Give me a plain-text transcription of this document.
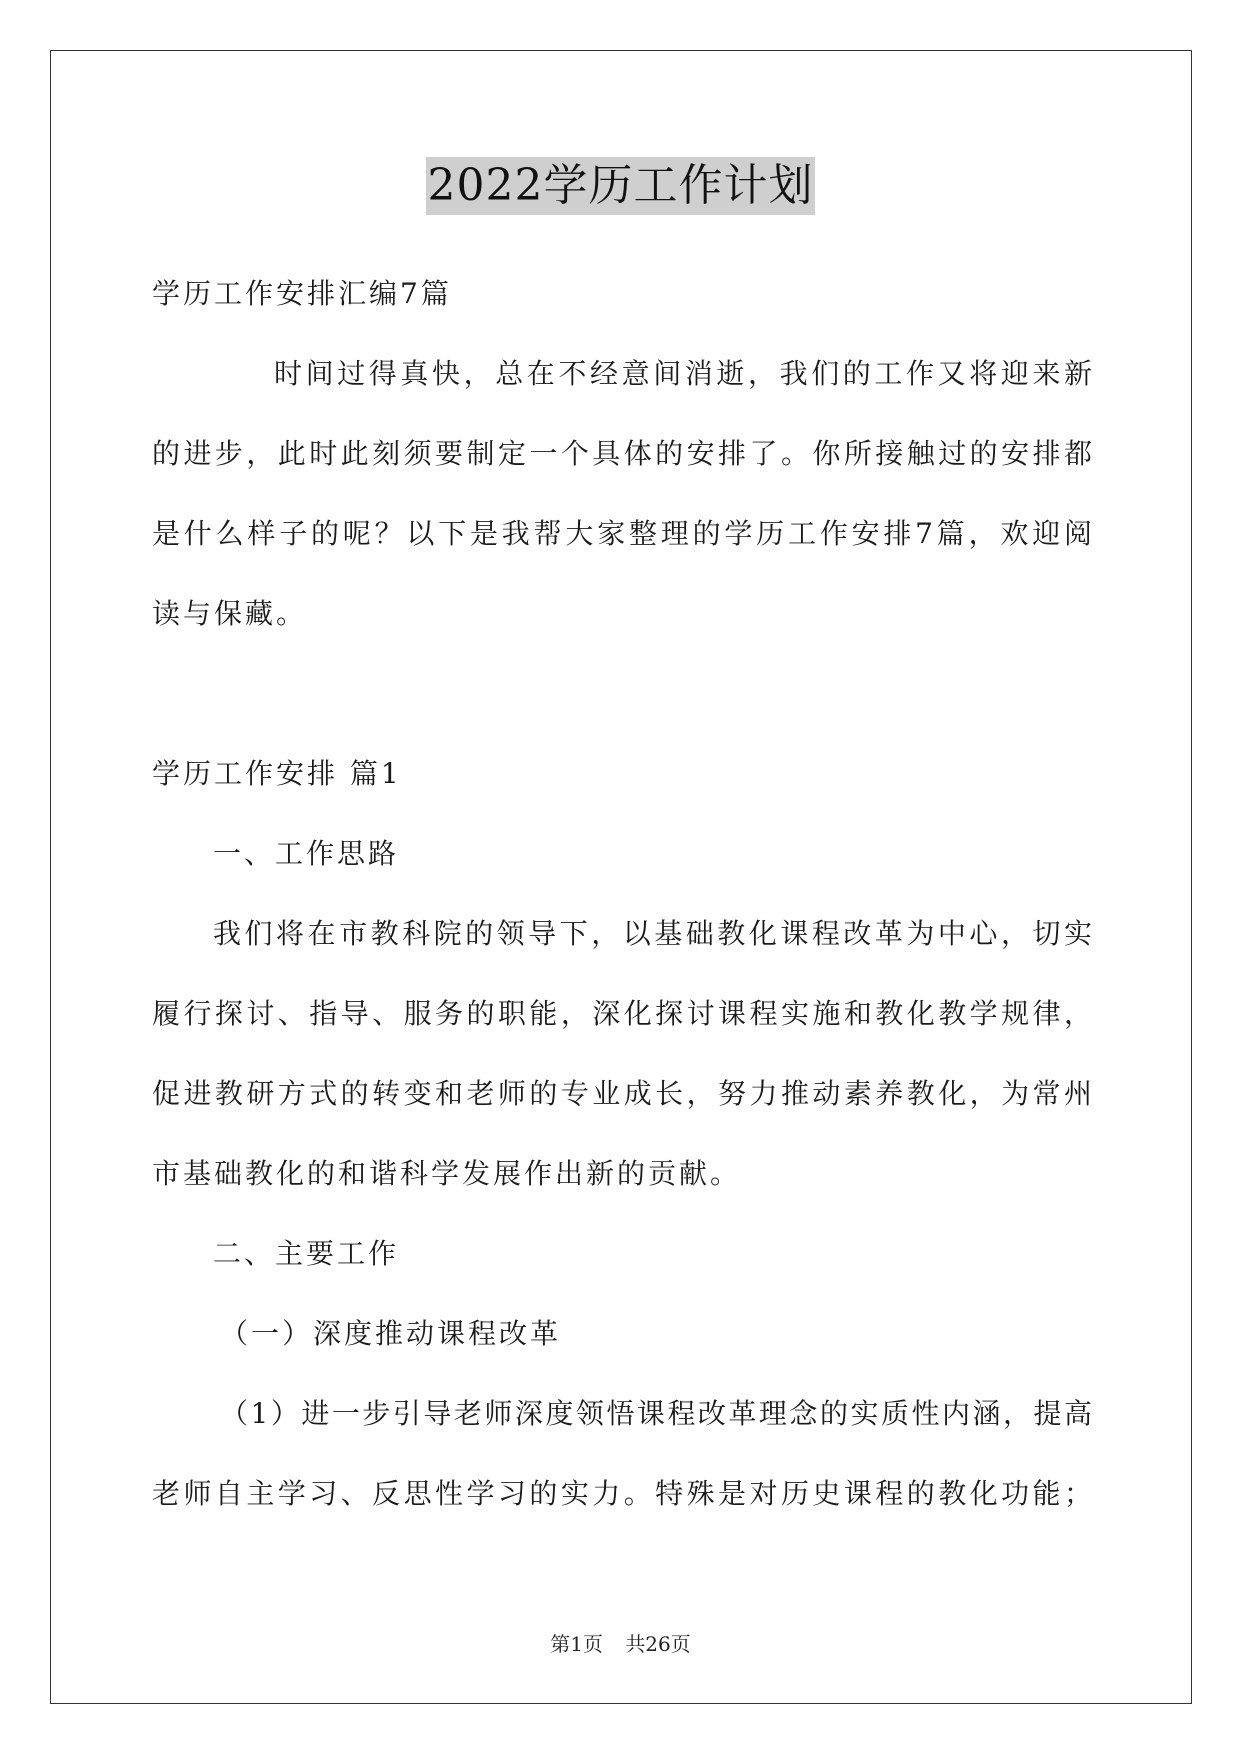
2022学历工作计划
学历工作安排汇编7篇
时间过得真快，总在不经意间消逝，我们的工作又将迎来新
的进步，此时此刻须要制定一个具体的安排了。你所接触过的安排都
是什么样子的呢？以下是我帮大家整理的学历工作安排7篇，欢迎阅
读与保藏。
学历工作安排 篇1
一、工作思路
我们将在市教科院的领导下，以基础教化课程改革为中心，切实
履行探讨、指导、服务的职能，深化探讨课程实施和教化教学规律，
促进教研方式的转变和老师的专业成长，努力推动素养教化，为常州
市基础教化的和谐科学发展作出新的贡献。
二、主要工作
（一）深度推动课程改革
（1）进一步引导老师深度领悟课程改革理念的实质性内涵，提高
老师自主学习、反思性学习的实力。特殊是对历史课程的教化功能；
第1页 共26页
